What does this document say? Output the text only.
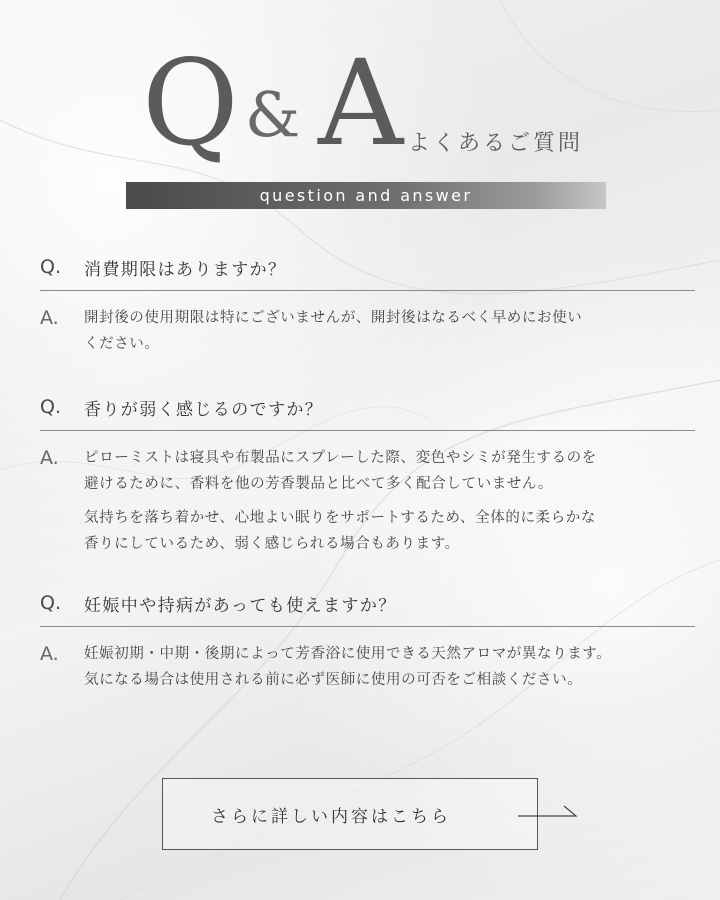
Q & A よくあるご質問
question and answer
Q.	消費期限はありますか？
A.	開封後の使用期限は特にございませんが、開封後はなるべく早めにお使い
ください。
Q.	香りが弱く感じるのですか？
A.	ピローミストは寝具や布製品にスプレーした際、変色やシミが発生するのを
避けるために、香料を他の芳香製品と比べて多く配合していません。
気持ちを落ち着かせ、心地よい眠りをサポートするため、全体的に柔らかな
香りにしているため、弱く感じられる場合もあります。
Q.	妊娠中や持病があっても使えますか？
A.	妊娠初期・中期・後期によって芳香浴に使用できる天然アロマが異なります。
気になる場合は使用される前に必ず医師に使用の可否をご相談ください。
さらに詳しい内容はこちら
